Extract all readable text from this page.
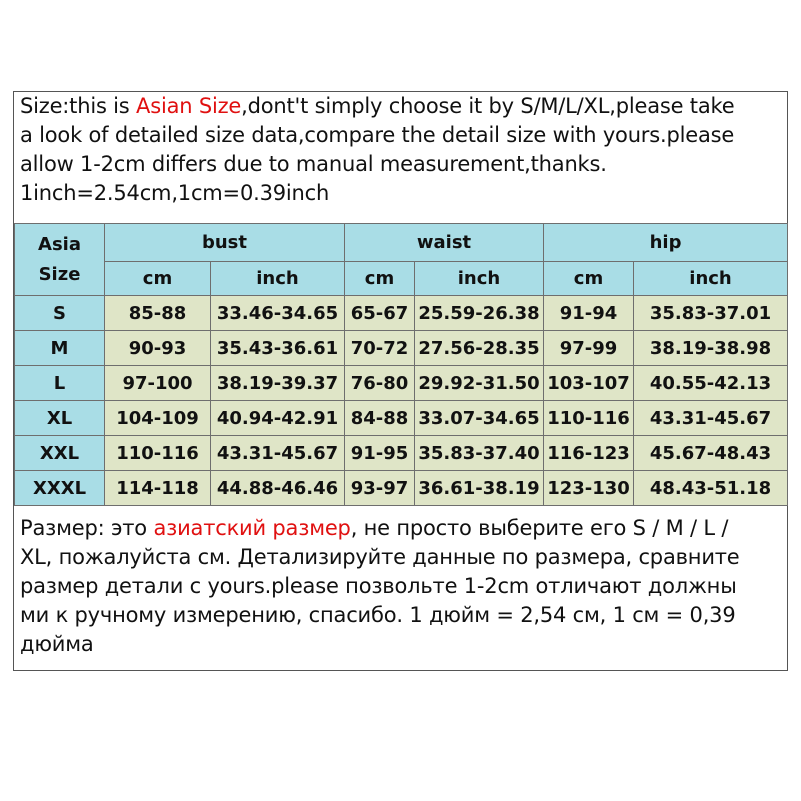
Size:this is Asian Size,dont't simply choose it by S/M/L/XL,please take
a look of detailed size data,compare the detail size with yours.please
allow 1-2cm differs due to manual measurement,thanks.
1inch=2.54cm,1cm=0.39inch
Asia
Size	bust		waist		hip	
	cm	inch	cm	inch	cm	inch
S	85-88	33.46-34.65	65-67	25.59-26.38	91-94	35.83-37.01
M	90-93	35.43-36.61	70-72	27.56-28.35	97-99	38.19-38.98
L	97-100	38.19-39.37	76-80	29.92-31.50	103-107	40.55-42.13
XL	104-109	40.94-42.91	84-88	33.07-34.65	110-116	43.31-45.67
XXL	110-116	43.31-45.67	91-95	35.83-37.40	116-123	45.67-48.43
XXXL	114-118	44.88-46.46	93-97	36.61-38.19	123-130	48.43-51.18
Размер: это азиатский размер, не просто выберите его S / M / L /
XL, пожалуйста см. Детализируйте данные по размера, сравните
размер детали с yours.please позвольте 1-2cm отличают должны
ми к ручному измерению, спасибо. 1 дюйм = 2,54 см, 1 см = 0,39
дюйма
